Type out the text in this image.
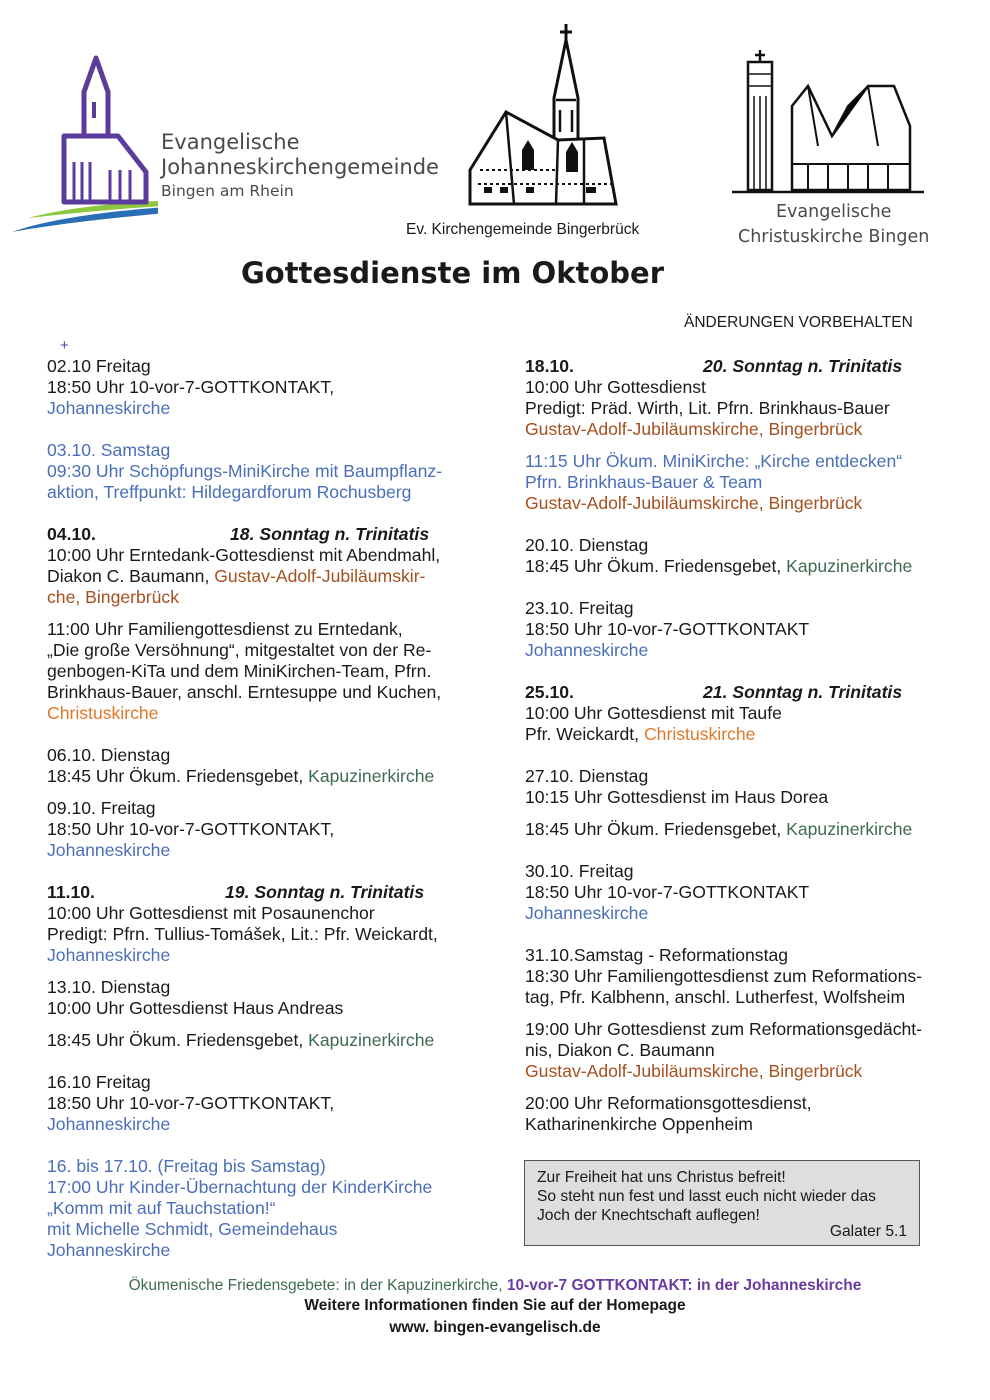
Evangelische
Johanneskirchengemeinde
Bingen am Rhein
Ev. Kirchengemeinde Bingerbrück
Evangelische
Christuskirche Bingen
Gottesdienste im Oktober
ÄNDERUNGEN VORBEHALTEN
+
02.10 Freitag
18:50 Uhr 10-vor-7-GOTTKONTAKT,
Johanneskirche
03.10. Samstag
09:30 Uhr Schöpfungs-MiniKirche mit Baumpflanz-
aktion, Treffpunkt: Hildegardforum Rochusberg
04.10.	18. Sonntag n. Trinitatis
10:00 Uhr Erntedank-Gottesdienst mit Abendmahl,
Diakon C. Baumann, Gustav-Adolf-Jubiläumskir-
che, Bingerbrück
11:00 Uhr Familiengottesdienst zu Erntedank,
„Die große Versöhnung“, mitgestaltet von der Re-
genbogen-KiTa und dem MiniKirchen-Team, Pfrn.
Brinkhaus-Bauer, anschl. Erntesuppe und Kuchen,
Christuskirche
06.10. Dienstag
18:45 Uhr Ökum. Friedensgebet, Kapuzinerkirche
09.10. Freitag
18:50 Uhr 10-vor-7-GOTTKONTAKT,
Johanneskirche
11.10.	19. Sonntag n. Trinitatis
10:00 Uhr Gottesdienst mit Posaunenchor
Predigt: Pfrn. Tullius-Tomášek, Lit.: Pfr. Weickardt,
Johanneskirche
13.10. Dienstag
10:00 Uhr Gottesdienst Haus Andreas
18:45 Uhr Ökum. Friedensgebet, Kapuzinerkirche
16.10 Freitag
18:50 Uhr 10-vor-7-GOTTKONTAKT,
Johanneskirche
16. bis 17.10. (Freitag bis Samstag)
17:00 Uhr Kinder-Übernachtung der KinderKirche
„Komm mit auf Tauchstation!“
mit Michelle Schmidt, Gemeindehaus
Johanneskirche
18.10.	20. Sonntag n. Trinitatis
10:00 Uhr Gottesdienst
Predigt: Präd. Wirth, Lit. Pfrn. Brinkhaus-Bauer
Gustav-Adolf-Jubiläumskirche, Bingerbrück
11:15 Uhr Ökum. MiniKirche: „Kirche entdecken“
Pfrn. Brinkhaus-Bauer & Team
Gustav-Adolf-Jubiläumskirche, Bingerbrück
20.10. Dienstag
18:45 Uhr Ökum. Friedensgebet, Kapuzinerkirche
23.10. Freitag
18:50 Uhr 10-vor-7-GOTTKONTAKT
Johanneskirche
25.10.	21. Sonntag n. Trinitatis
10:00 Uhr Gottesdienst mit Taufe
Pfr. Weickardt, Christuskirche
27.10. Dienstag
10:15 Uhr Gottesdienst im Haus Dorea
18:45 Uhr Ökum. Friedensgebet, Kapuzinerkirche
30.10. Freitag
18:50 Uhr 10-vor-7-GOTTKONTAKT
Johanneskirche
31.10.Samstag - Reformationstag
18:30 Uhr Familiengottesdienst zum Reformations-
tag, Pfr. Kalbhenn, anschl. Lutherfest, Wolfsheim
19:00 Uhr Gottesdienst zum Reformationsgedächt-
nis, Diakon C. Baumann
Gustav-Adolf-Jubiläumskirche, Bingerbrück
20:00 Uhr Reformationsgottesdienst,
Katharinenkirche Oppenheim
Zur Freiheit hat uns Christus befreit!
So steht nun fest und lasst euch nicht wieder das
Joch der Knechtschaft auflegen!
Galater 5.1
Ökumenische Friedensgebete: in der Kapuzinerkirche, 10-vor-7 GOTTKONTAKT: in der Johanneskirche
Weitere Informationen finden Sie auf der Homepage
www. bingen-evangelisch.de
